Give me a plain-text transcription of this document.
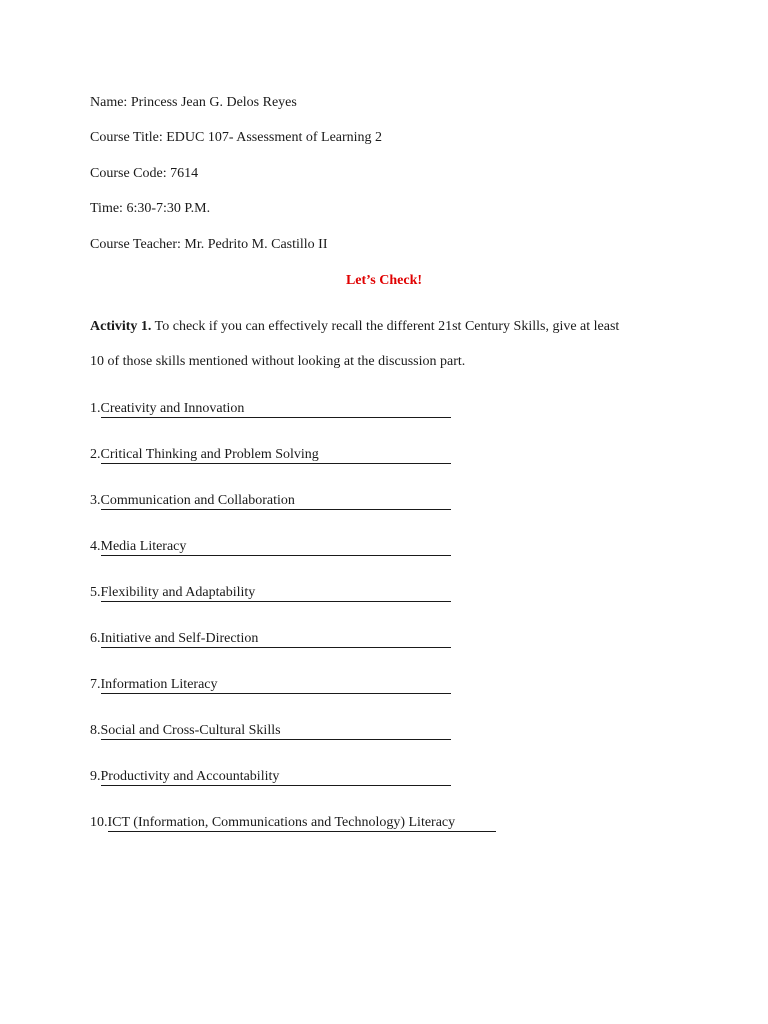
Name: Princess Jean G. Delos Reyes
Course Title: EDUC 107- Assessment of Learning 2
Course Code: 7614
Time: 6:30-7:30 P.M.
Course Teacher: Mr. Pedrito M. Castillo II
Let’s Check!
Activity 1. To check if you can effectively recall the different 21st Century Skills, give at least
10 of those skills mentioned without looking at the discussion part.
1.Creativity and Innovation
2.Critical Thinking and Problem Solving
3.Communication and Collaboration
4.Media Literacy
5.Flexibility and Adaptability
6.Initiative and Self-Direction
7.Information Literacy
8.Social and Cross-Cultural Skills
9.Productivity and Accountability
10.ICT (Information, Communications and Technology) Literacy
